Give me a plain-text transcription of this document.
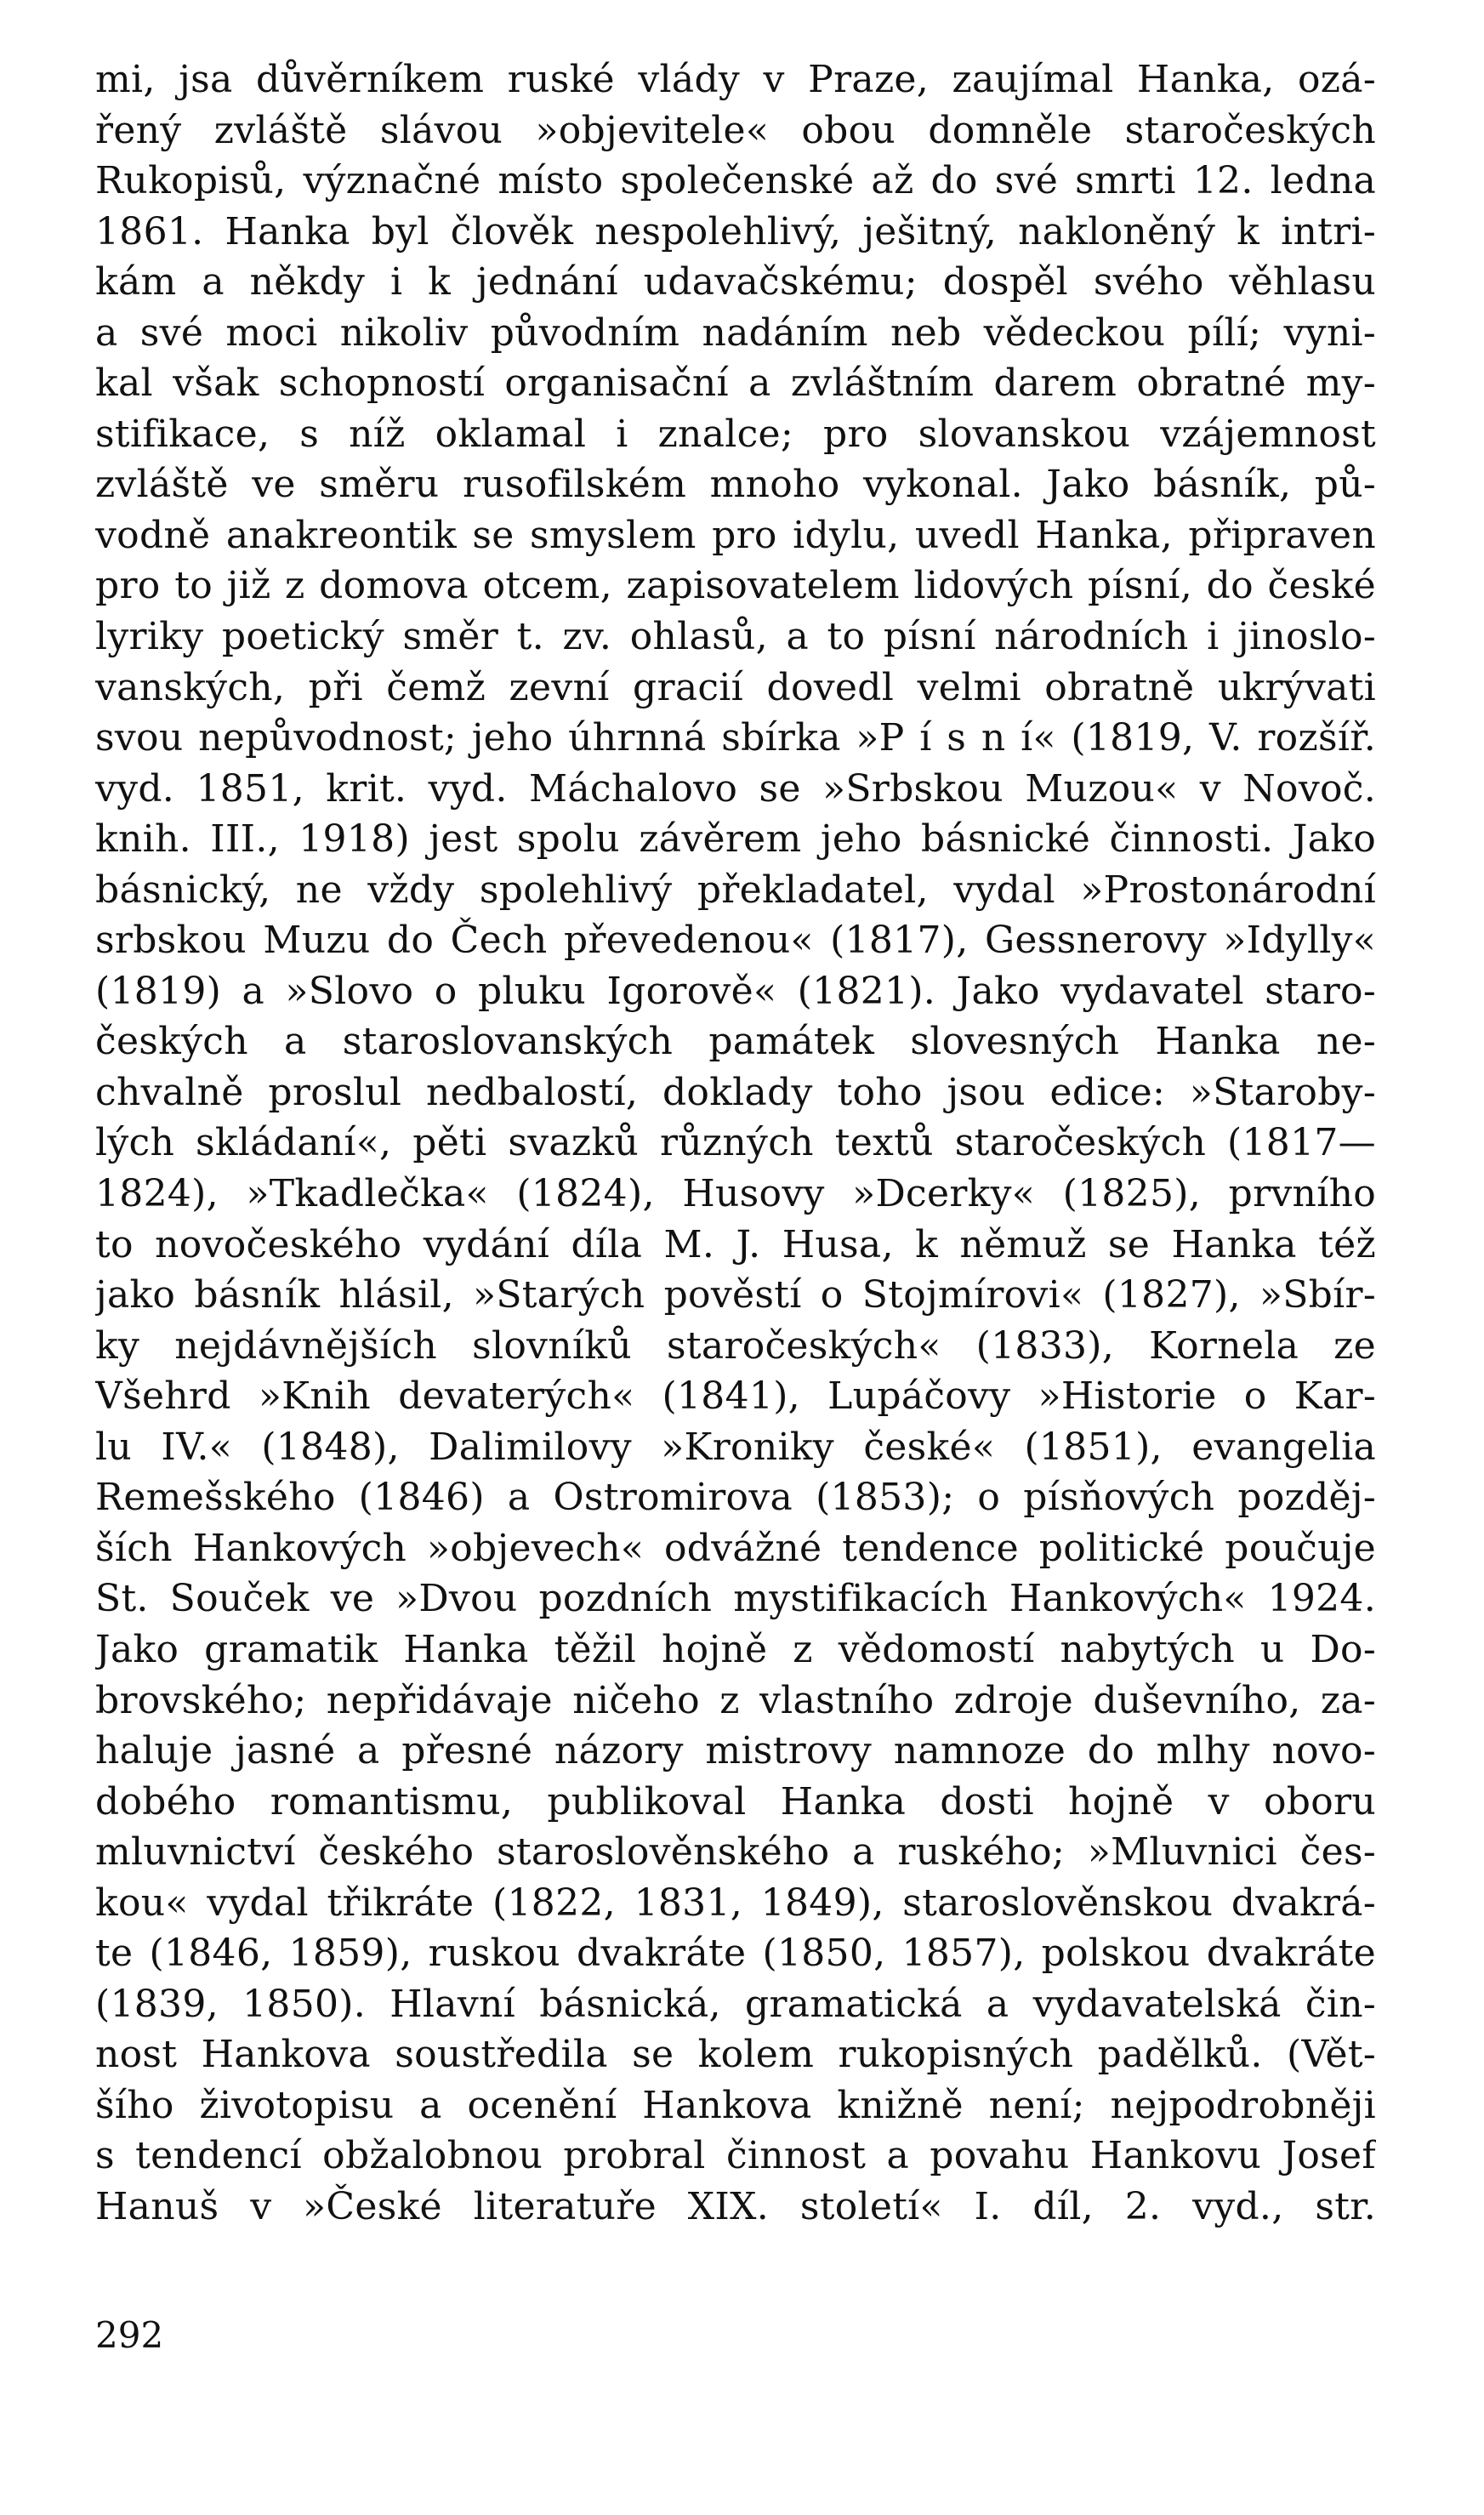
mi, jsa důvěrníkem ruské vlády v Praze, zaujímal Hanka, ozá-
řený zvláště slávou »objevitele« obou domněle staročeských
Rukopisů, význačné místo společenské až do své smrti 12. ledna
1861. Hanka byl člověk nespolehlivý, ješitný, nakloněný k intri-
kám a někdy i k jednání udavačskému; dospěl svého věhlasu
a své moci nikoliv původním nadáním neb vědeckou pílí; vyni-
kal však schopností organisační a zvláštním darem obratné my-
stifikace, s níž oklamal i znalce; pro slovanskou vzájemnost
zvláště ve směru rusofilském mnoho vykonal. Jako básník, pů-
vodně anakreontik se smyslem pro idylu, uvedl Hanka, připraven
pro to již z domova otcem, zapisovatelem lidových písní, do české
lyriky poetický směr t. zv. ohlasů, a to písní národních i jinoslo-
vanských, při čemž zevní gracií dovedl velmi obratně ukrývati
svou nepůvodnost; jeho úhrnná sbírka »P í s n í« (1819, V. rozšíř.
vyd. 1851, krit. vyd. Máchalovo se »Srbskou Muzou« v Novoč.
knih. III., 1918) jest spolu závěrem jeho básnické činnosti. Jako
básnický, ne vždy spolehlivý překladatel, vydal »Prostonárodní
srbskou Muzu do Čech převedenou« (1817), Gessnerovy »Idylly«
(1819) a »Slovo o pluku Igorově« (1821). Jako vydavatel staro-
českých a staroslovanských památek slovesných Hanka ne-
chvalně proslul nedbalostí, doklady toho jsou edice: »Staroby-
lých skládaní«, pěti svazků různých textů staročeských (1817—
1824), »Tkadlečka« (1824), Husovy »Dcerky« (1825), prvního
to novočeského vydání díla M. J. Husa, k němuž se Hanka též
jako básník hlásil, »Starých pověstí o Stojmírovi« (1827), »Sbír-
ky nejdávnějších slovníků staročeských« (1833), Kornela ze
Všehrd »Knih devaterých« (1841), Lupáčovy »Historie o Kar-
lu IV.« (1848), Dalimilovy »Kroniky české« (1851), evangelia
Remešského (1846) a Ostromirova (1853); o písňových pozděj-
ších Hankových »objevech« odvážné tendence politické poučuje
St. Souček ve »Dvou pozdních mystifikacích Hankových« 1924.
Jako gramatik Hanka těžil hojně z vědomostí nabytých u Do-
brovského; nepřidávaje ničeho z vlastního zdroje duševního, za-
haluje jasné a přesné názory mistrovy namnoze do mlhy novo-
dobého romantismu, publikoval Hanka dosti hojně v oboru
mluvnictví českého staroslověnského a ruského; »Mluvnici čes-
kou« vydal třikráte (1822, 1831, 1849), staroslověnskou dvakrá-
te (1846, 1859), ruskou dvakráte (1850, 1857), polskou dvakráte
(1839, 1850). Hlavní básnická, gramatická a vydavatelská čin-
nost Hankova soustředila se kolem rukopisných padělků. (Vět-
šího životopisu a ocenění Hankova knižně není; nejpodrobněji
s tendencí obžalobnou probral činnost a povahu Hankovu Josef
Hanuš v »České literatuře XIX. století« I. díl, 2. vyd., str.
292
